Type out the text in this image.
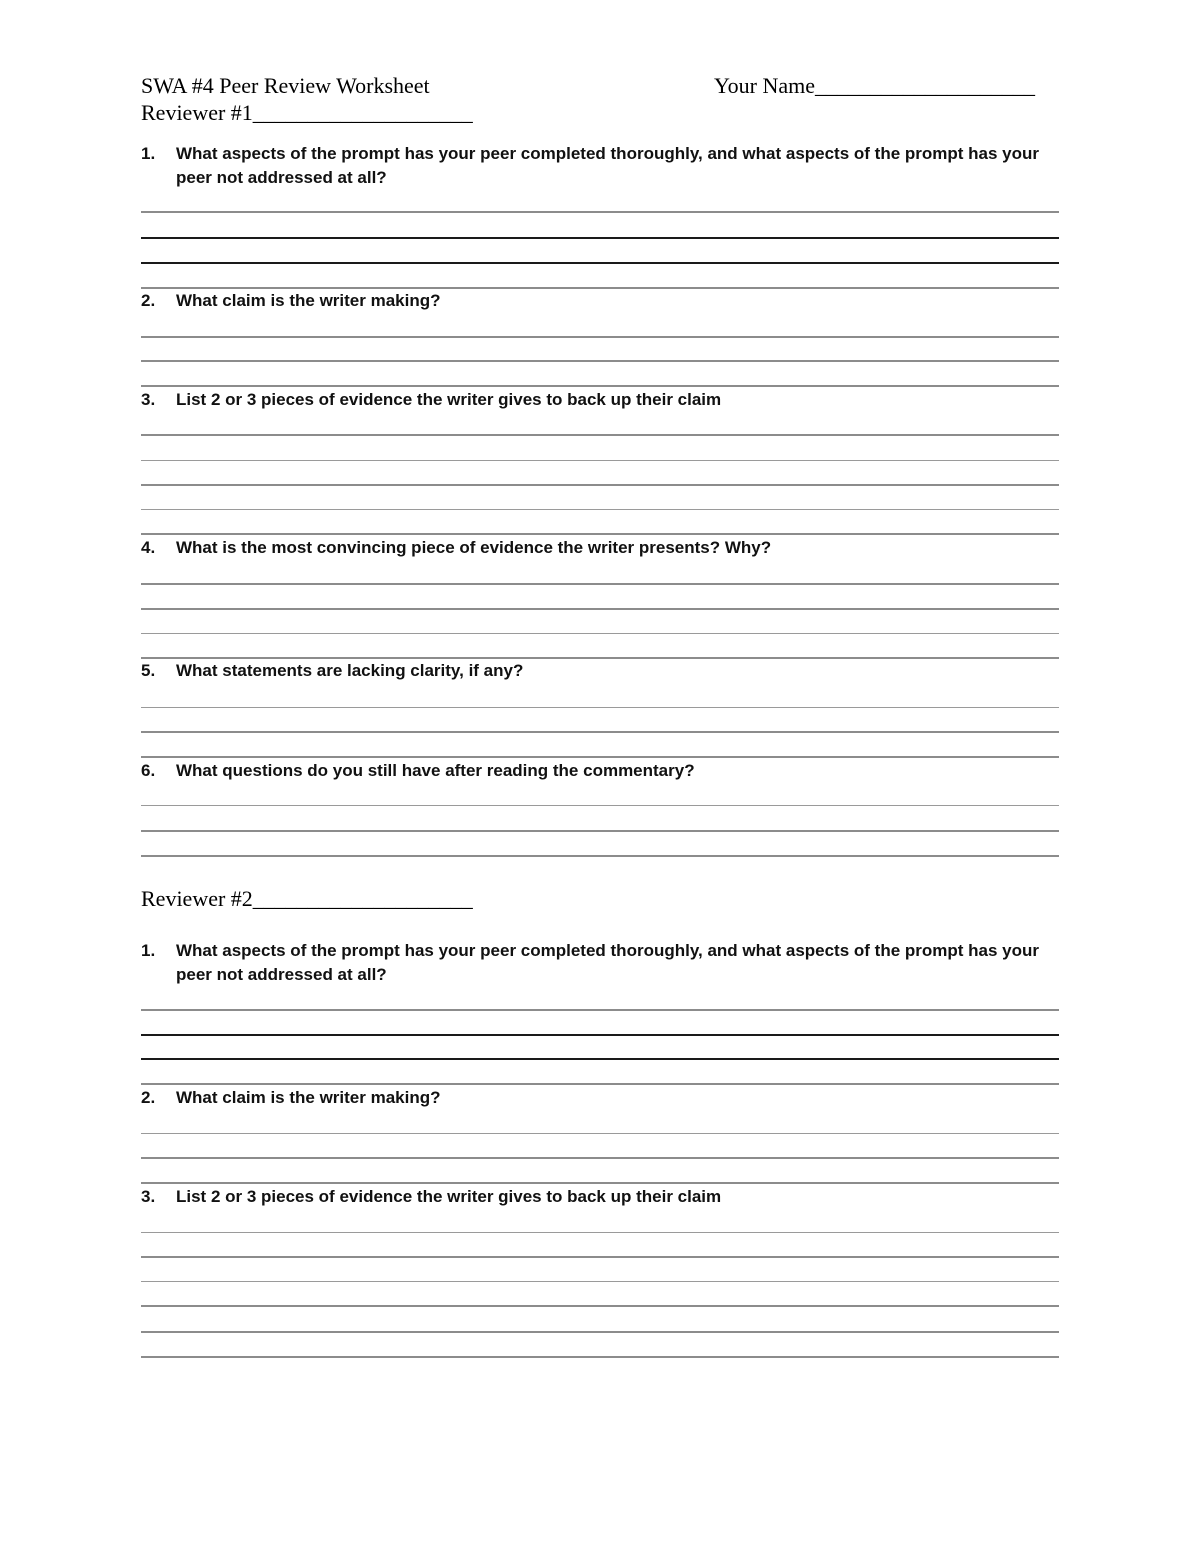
SWA #4 Peer Review Worksheet	Your Name____________________
Reviewer #1____________________
1.	What aspects of the prompt has your peer completed thoroughly, and what aspects of the prompt has your peer not addressed at all?
2.	What claim is the writer making?
3.	List 2 or 3 pieces of evidence the writer gives to back up their claim
4.	What is the most convincing piece of evidence the writer presents? Why?
5.	What statements are lacking clarity, if any?
6.	What questions do you still have after reading the commentary?
Reviewer #2____________________
1.	What aspects of the prompt has your peer completed thoroughly, and what aspects of the prompt has your peer not addressed at all?
2.	What claim is the writer making?
3.	List 2 or 3 pieces of evidence the writer gives to back up their claim
